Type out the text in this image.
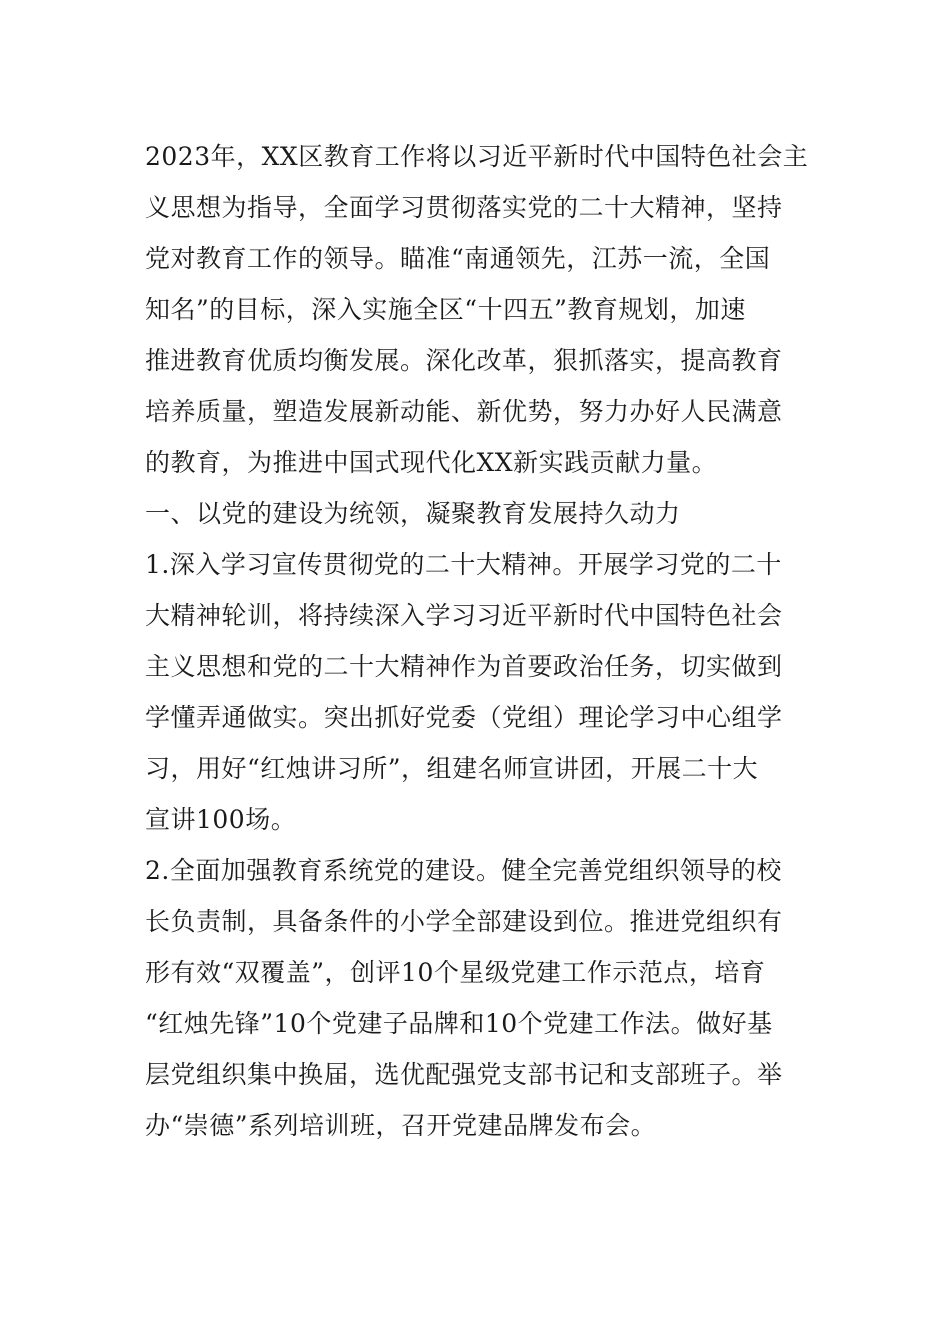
2023年，XX区教育工作将以习近平新时代中国特色社会主
义思想为指导，全面学习贯彻落实党的二十大精神，坚持
党对教育工作的领导。瞄准“南通领先，江苏一流，全国
知名”的目标，深入实施全区“十四五”教育规划，加速
推进教育优质均衡发展。深化改革，狠抓落实，提高教育
培养质量，塑造发展新动能、新优势，努力办好人民满意
的教育，为推进中国式现代化XX新实践贡献力量。
一、以党的建设为统领，凝聚教育发展持久动力
1.深入学习宣传贯彻党的二十大精神。开展学习党的二十
大精神轮训，将持续深入学习习近平新时代中国特色社会
主义思想和党的二十大精神作为首要政治任务，切实做到
学懂弄通做实。突出抓好党委（党组）理论学习中心组学
习，用好“红烛讲习所”，组建名师宣讲团，开展二十大
宣讲100场。
2.全面加强教育系统党的建设。健全完善党组织领导的校
长负责制，具备条件的小学全部建设到位。推进党组织有
形有效“双覆盖”，创评10个星级党建工作示范点，培育
“红烛先锋”10个党建子品牌和10个党建工作法。做好基
层党组织集中换届，选优配强党支部书记和支部班子。举
办“崇德”系列培训班，召开党建品牌发布会。
